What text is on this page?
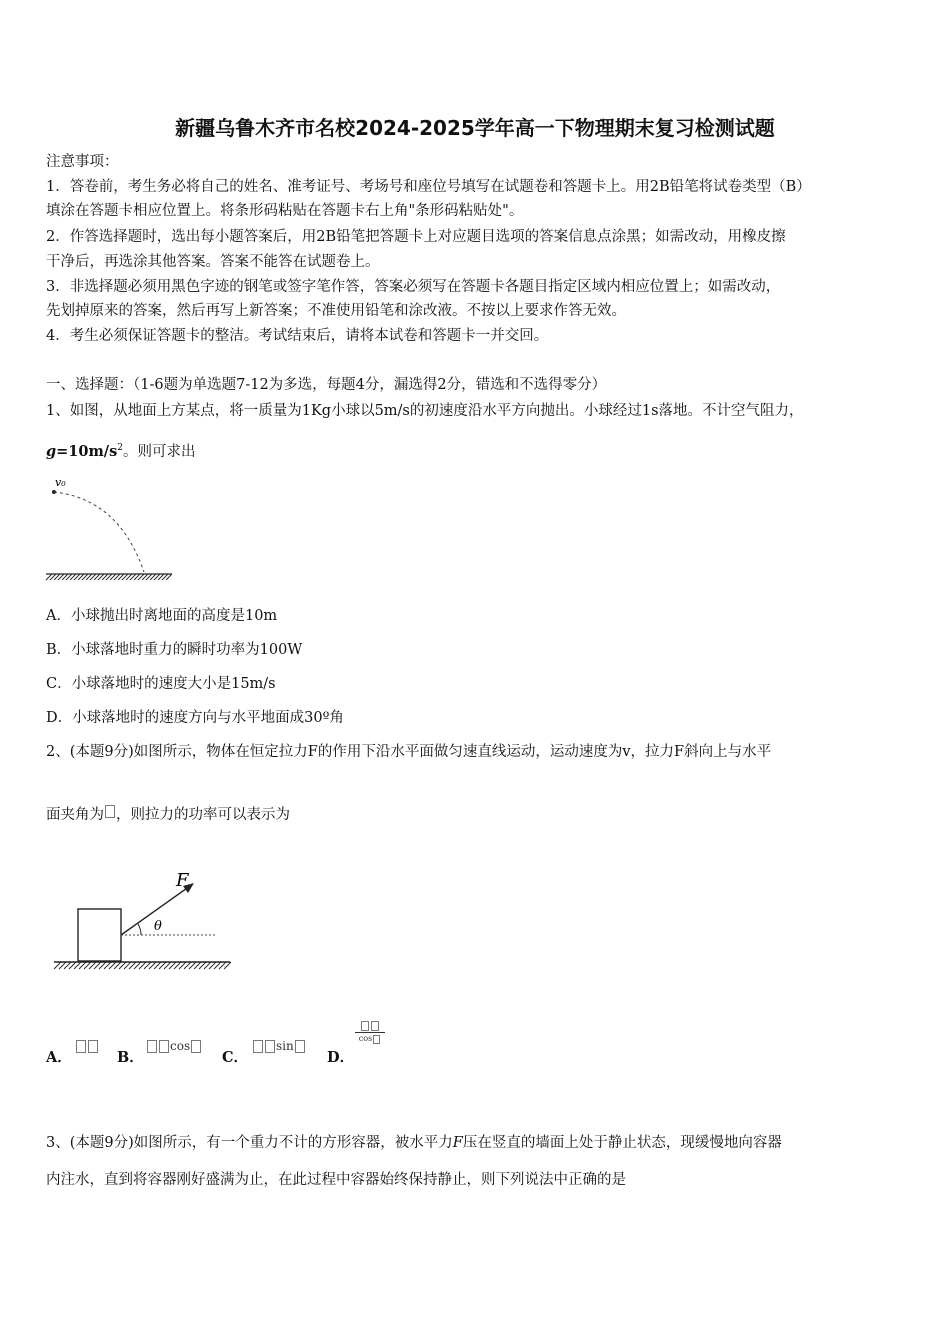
新疆乌鲁木齐市名校2024-2025学年高一下物理期末复习检测试题
注意事项：
1．答卷前，考生务必将自己的姓名、准考证号、考场号和座位号填写在试题卷和答题卡上。用2B铅笔将试卷类型（B）
填涂在答题卡相应位置上。将条形码粘贴在答题卡右上角"条形码粘贴处"。
2．作答选择题时，选出每小题答案后，用2B铅笔把答题卡上对应题目选项的答案信息点涂黑；如需改动，用橡皮擦
干净后，再选涂其他答案。答案不能答在试题卷上。
3．非选择题必须用黑色字迹的钢笔或签字笔作答，答案必须写在答题卡各题目指定区域内相应位置上；如需改动，
先划掉原来的答案，然后再写上新答案；不准使用铅笔和涂改液。不按以上要求作答无效。
4．考生必须保证答题卡的整洁。考试结束后，请将本试卷和答题卡一并交回。
一、选择题：（1-6题为单选题7-12为多选，每题4分，漏选得2分，错选和不选得零分）
1、如图，从地面上方某点，将一质量为1Kg小球以5m/s的初速度沿水平方向抛出。小球经过1s落地。不计空气阻力，
$g=10m/s^2$。则可求出
v₀
A．小球抛出时离地面的高度是10m
B．小球落地时重力的瞬时功率为100W
C．小球落地时的速度大小是15m/s
D．小球落地时的速度方向与水平地面成30º角
2、(本题9分)如图所示，物体在恒定拉力F的作用下沿水平面做匀速直线运动，运动速度为v，拉力F斜向上与水平
面夹角为 ，则拉力的功率可以表示为
F
θ
A．	B．
cos
C．
sin
D．
cos
3、(本题9分)如图所示，有一个重力不计的方形容器，被水平力F压在竖直的墙面上处于静止状态，现缓慢地向容器
内注水，直到将容器刚好盛满为止，在此过程中容器始终保持静止，则下列说法中正确的是
